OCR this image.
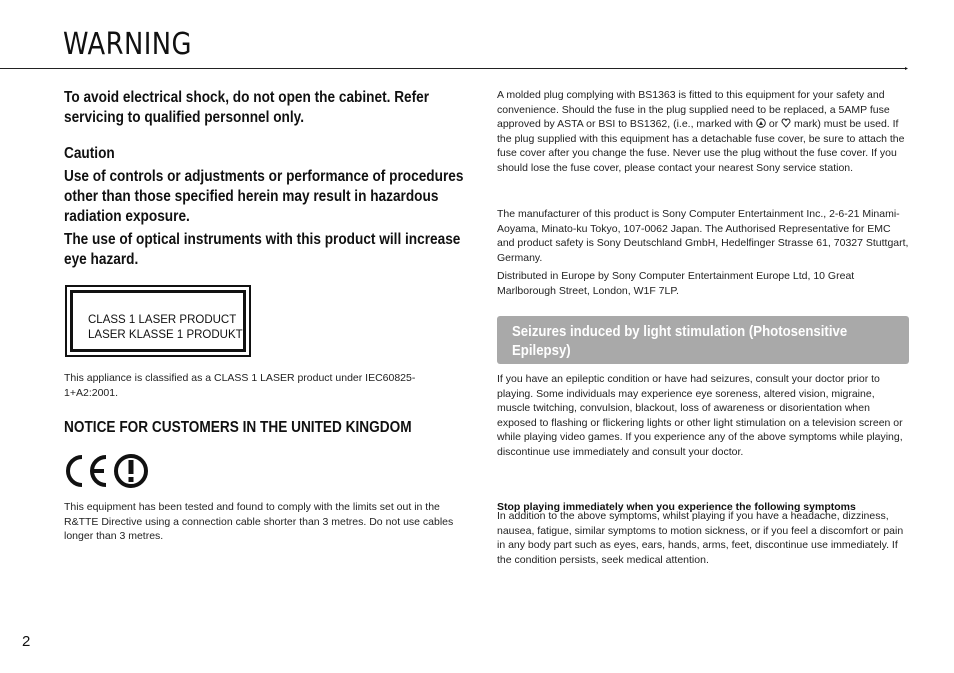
WARNING
▸

To avoid electrical shock, do not open the cabinet. Refer servicing to qualified personnel only.

Caution

Use of controls or adjustments or performance of procedures other than those specified herein may result in hazardous radiation exposure.

The use of optical instruments with this product will increase eye hazard.

CLASS 1 LASER PRODUCT
LASER KLASSE 1 PRODUKT

This appliance is classified as a CLASS 1 LASER product under IEC60825-1+A2:2001.

NOTICE FOR CUSTOMERS IN THE UNITED KINGDOM

This equipment has been tested and found to comply with the limits set out in the R&TTE Directive using a connection cable shorter than 3 metres. Do not use cables longer than 3 metres.

A molded plug complying with BS1363 is fitted to this equipment for your safety and convenience. Should the fuse in the plug supplied need to be replaced, a 5AMP fuse approved by ASTA or BSI to BS1362, (i.e., marked with  or  mark) must be used. If the plug supplied with this equipment has a detachable fuse cover, be sure to attach the fuse cover after you change the fuse. Never use the plug without the fuse cover. If you should lose the fuse cover, please contact your nearest Sony service station.

The manufacturer of this product is Sony Computer Entertainment Inc., 2-6-21 Minami-Aoyama, Minato-ku Tokyo, 107-0062 Japan. The Authorised Representative for EMC and product safety is Sony Deutschland GmbH, Hedelfinger Strasse 61, 70327 Stuttgart, Germany.

Distributed in Europe by Sony Computer Entertainment Europe Ltd, 10 Great Marlborough Street, London, W1F 7LP.

Seizures induced by light stimulation (Photosensitive Epilepsy)

If you have an epileptic condition or have had seizures, consult your doctor prior to playing. Some individuals may experience eye soreness, altered vision, migraine, muscle twitching, convulsion, blackout, loss of awareness or disorientation when exposed to flashing or flickering lights or other light stimulation on a television screen or while playing video games. If you experience any of the above symptoms while playing, discontinue use immediately and consult your doctor.

Stop playing immediately when you experience the following symptoms

In addition to the above symptoms, whilst playing if you have a headache, dizziness, nausea, fatigue, similar symptoms to motion sickness, or if you feel a discomfort or pain in any body part such as eyes, ears, hands, arms, feet, discontinue use immediately. If the condition persists, seek medical attention.

2
